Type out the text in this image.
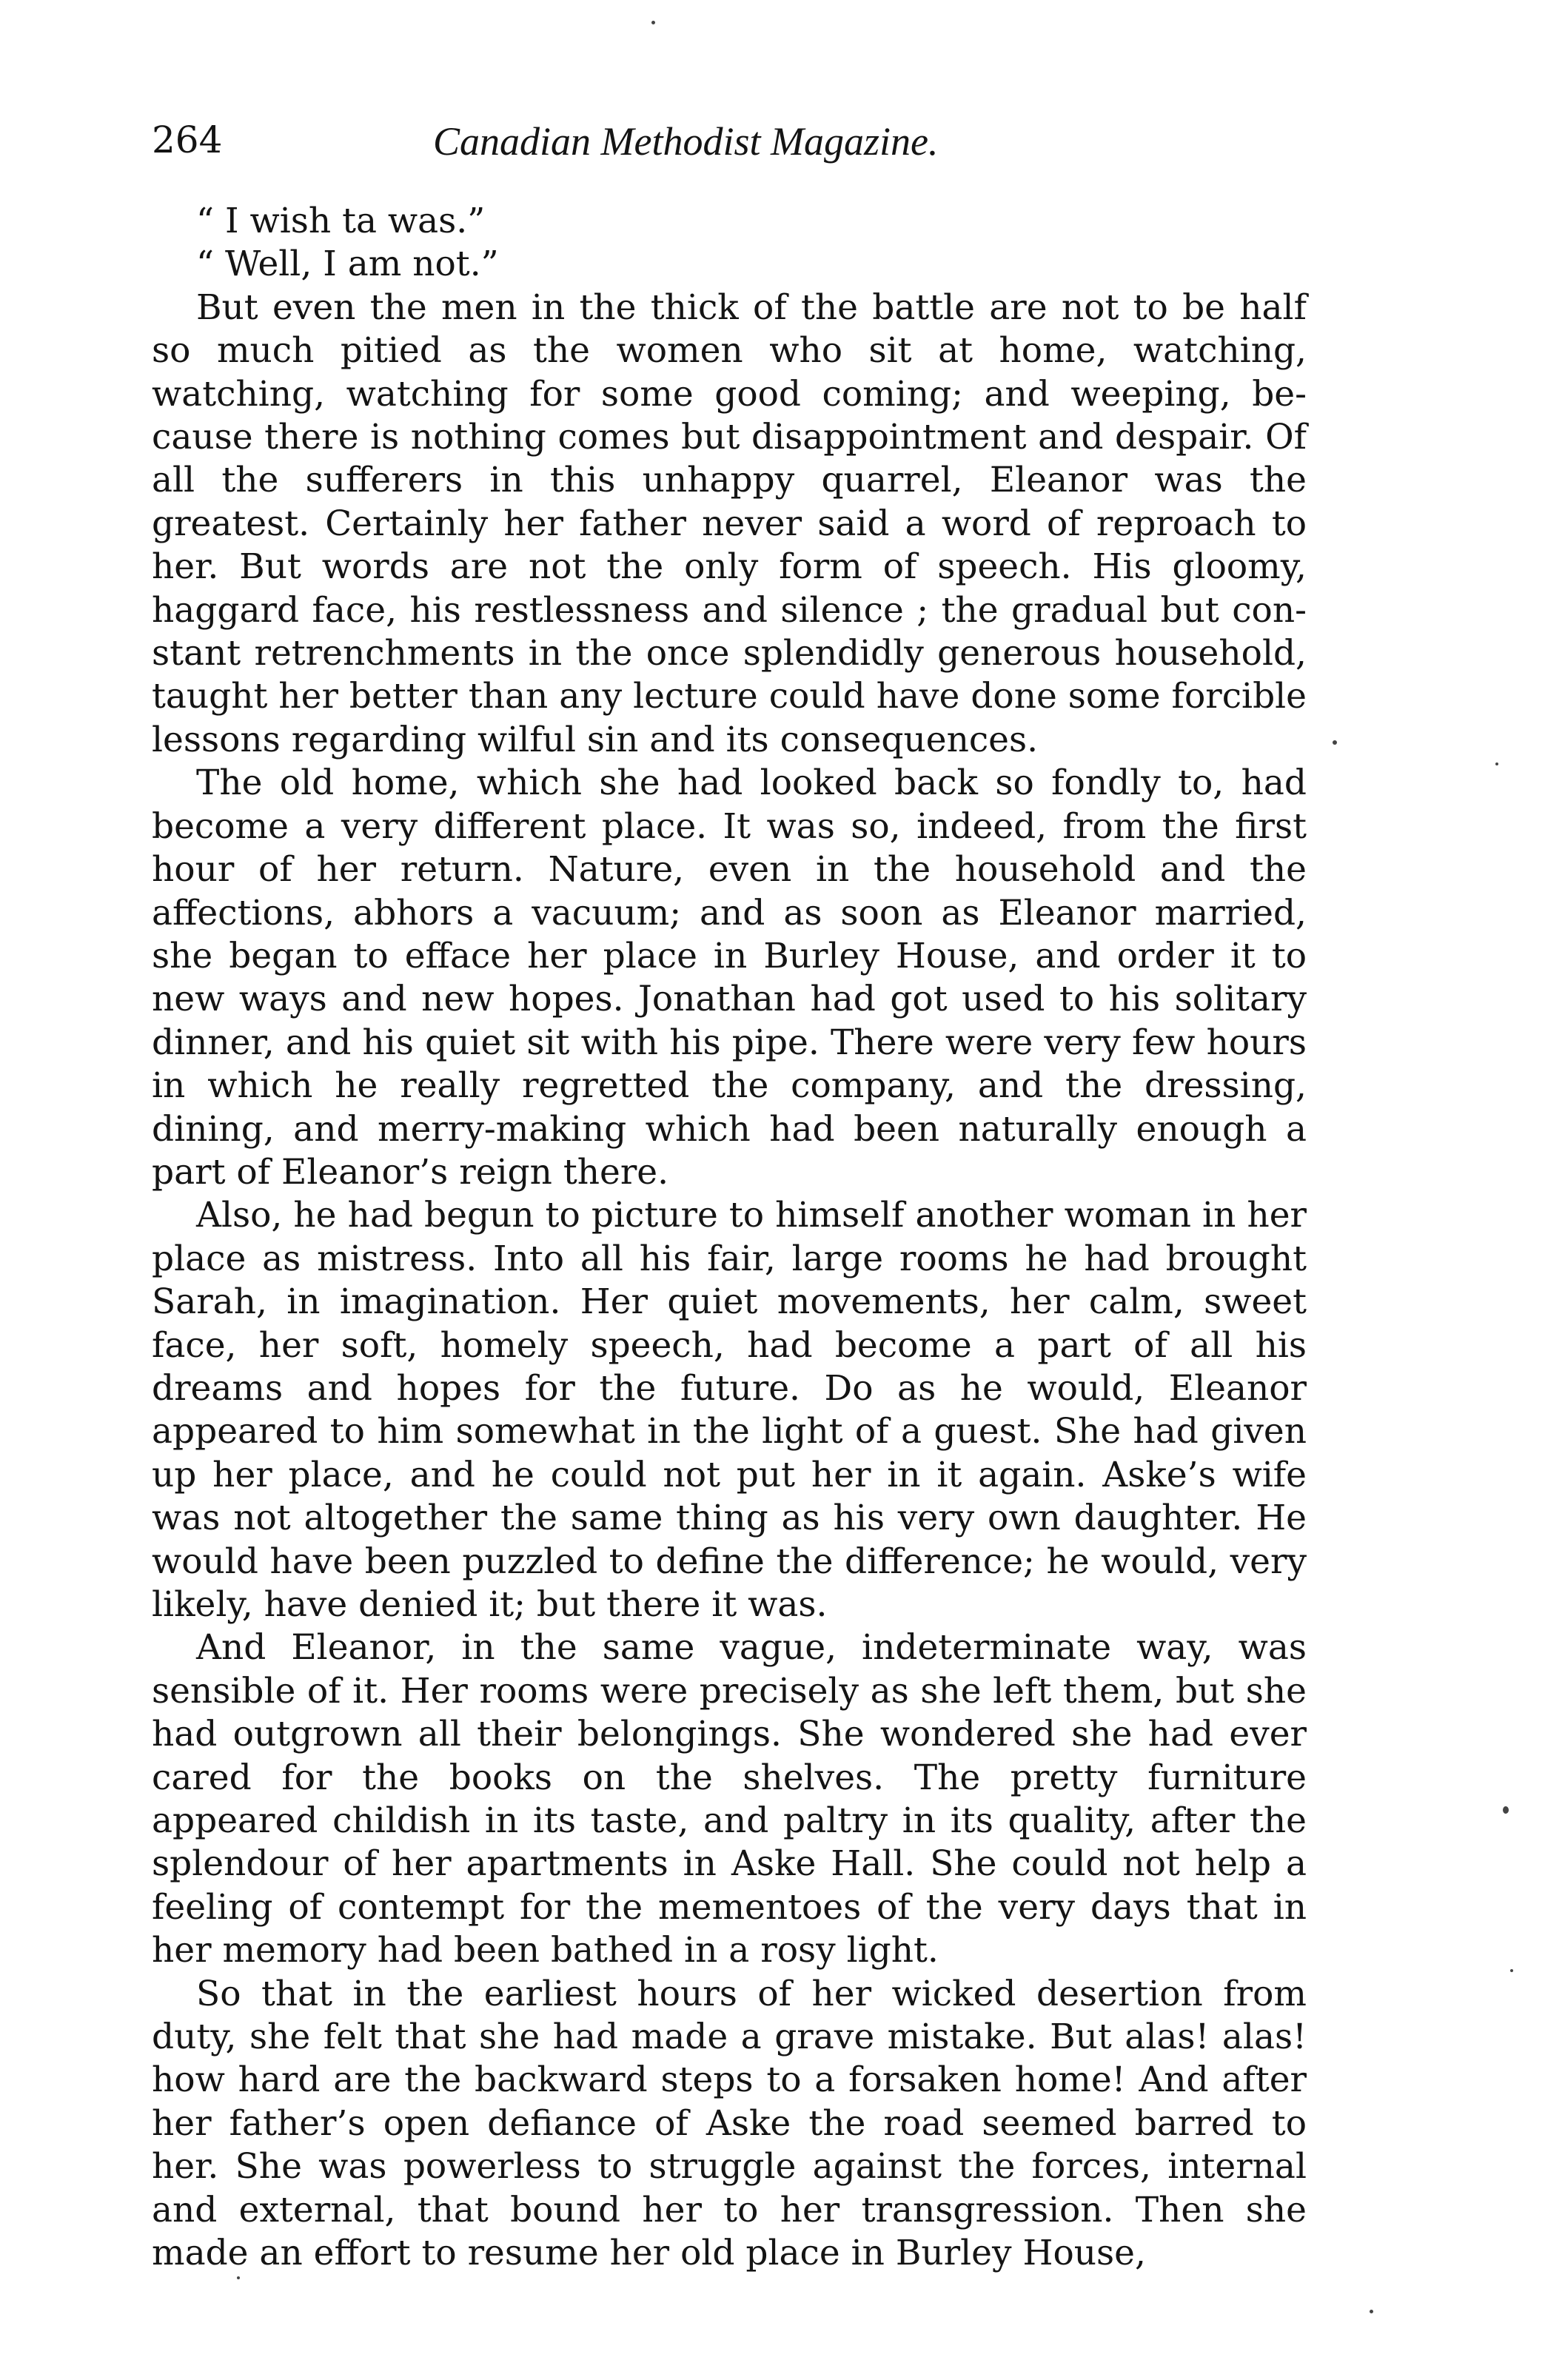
264	Canadian Methodist Magazine.

“ I wish ta was.”

“ Well, I am not.”

But even the men in the thick of the battle are not to be half so much pitied as the women who sit at home, watching, watching, watching for some good coming; and weeping, because there is nothing comes but disappointment and despair. Of all the sufferers in this unhappy quarrel, Eleanor was the greatest. Certainly her father never said a word of reproach to her. But words are not the only form of speech. His gloomy, haggard face, his restlessness and silence ; the gradual but constant retrenchments in the once splendidly generous household, taught her better than any lecture could have done some forcible lessons regarding wilful sin and its consequences.

The old home, which she had looked back so fondly to, had become a very different place. It was so, indeed, from the first hour of her return. Nature, even in the household and the affections, abhors a vacuum; and as soon as Eleanor married, she began to efface her place in Burley House, and order it to new ways and new hopes. Jonathan had got used to his solitary dinner, and his quiet sit with his pipe. There were very few hours in which he really regretted the company, and the dressing, dining, and merry-making which had been naturally enough a part of Eleanor’s reign there.

Also, he had begun to picture to himself another woman in her place as mistress. Into all his fair, large rooms he had brought Sarah, in imagination. Her quiet movements, her calm, sweet face, her soft, homely speech, had become a part of all his dreams and hopes for the future. Do as he would, Eleanor appeared to him somewhat in the light of a guest. She had given up her place, and he could not put her in it again. Aske’s wife was not altogether the same thing as his very own daughter. He would have been puzzled to define the difference; he would, very likely, have denied it; but there it was.

And Eleanor, in the same vague, indeterminate way, was sensible of it. Her rooms were precisely as she left them, but she had outgrown all their belongings. She wondered she had ever cared for the books on the shelves. The pretty furniture appeared childish in its taste, and paltry in its quality, after the splendour of her apartments in Aske Hall. She could not help a feeling of contempt for the mementoes of the very days that in her memory had been bathed in a rosy light.

So that in the earliest hours of her wicked desertion from duty, she felt that she had made a grave mistake. But alas! alas! how hard are the backward steps to a forsaken home! And after her father’s open defiance of Aske the road seemed barred to her. She was powerless to struggle against the forces, internal and external, that bound her to her transgression. Then she made an effort to resume her old place in Burley House,
